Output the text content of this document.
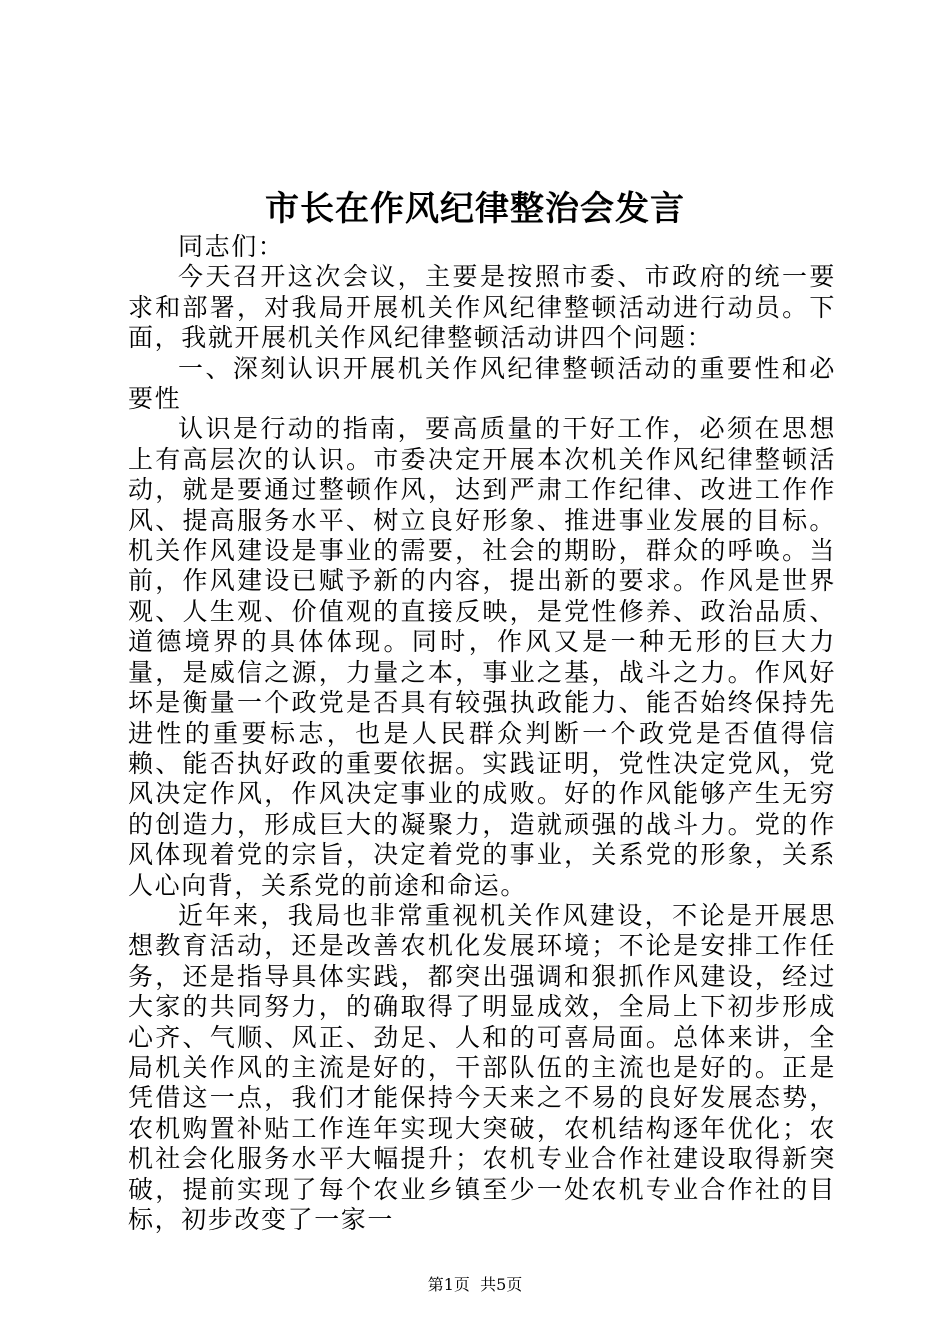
市长在作风纪律整治会发言

同志们：

今天召开这次会议，主要是按照市委、市政府的统一要求和部署，对我局开展机关作风纪律整顿活动进行动员。下面，我就开展机关作风纪律整顿活动讲四个问题：

一、深刻认识开展机关作风纪律整顿活动的重要性和必要性

认识是行动的指南，要高质量的干好工作，必须在思想上有高层次的认识。市委决定开展本次机关作风纪律整顿活动，就是要通过整顿作风，达到严肃工作纪律、改进工作作风、提高服务水平、树立良好形象、推进事业发展的目标。机关作风建设是事业的需要，社会的期盼，群众的呼唤。当前，作风建设已赋予新的内容，提出新的要求。作风是世界观、人生观、价值观的直接反映，是党性修养、政治品质、道德境界的具体体现。同时，作风又是一种无形的巨大力量，是威信之源，力量之本，事业之基，战斗之力。作风好坏是衡量一个政党是否具有较强执政能力、能否始终保持先进性的重要标志，也是人民群众判断一个政党是否值得信赖、能否执好政的重要依据。实践证明，党性决定党风，党风决定作风，作风决定事业的成败。好的作风能够产生无穷的创造力，形成巨大的凝聚力，造就顽强的战斗力。党的作风体现着党的宗旨，决定着党的事业，关系党的形象，关系人心向背，关系党的前途和命运。

近年来，我局也非常重视机关作风建设，不论是开展思想教育活动，还是改善农机化发展环境；不论是安排工作任务，还是指导具体实践，都突出强调和狠抓作风建设，经过大家的共同努力，的确取得了明显成效，全局上下初步形成心齐、气顺、风正、劲足、人和的可喜局面。总体来讲，全局机关作风的主流是好的，干部队伍的主流也是好的。正是凭借这一点，我们才能保持今天来之不易的良好发展态势，农机购置补贴工作连年实现大突破，农机结构逐年优化；农机社会化服务水平大幅提升；农机专业合作社建设取得新突破，提前实现了每个农业乡镇至少一处农机专业合作社的目标，初步改变了一家一

第1页 共5页
